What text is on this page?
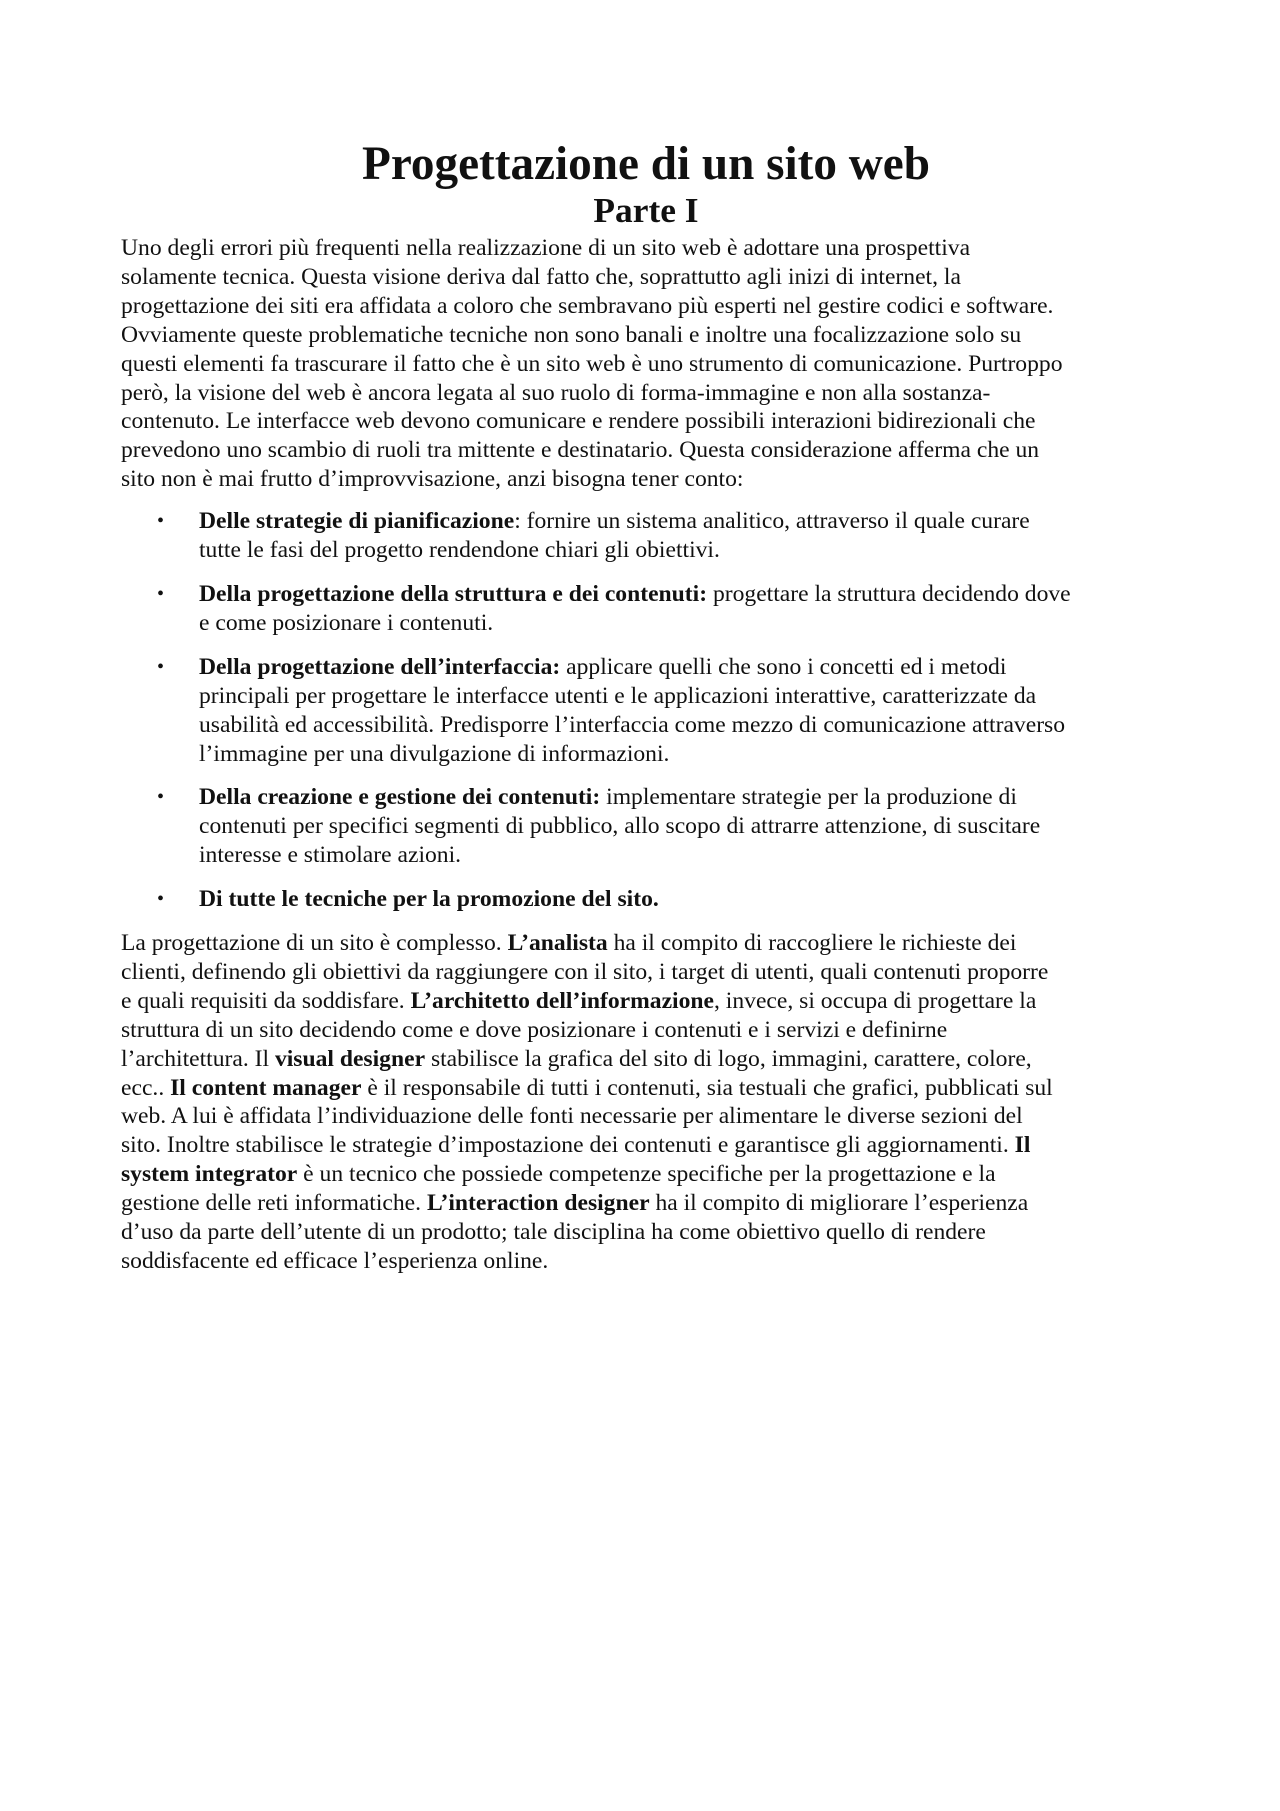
Progettazione di un sito web
Parte I

Uno degli errori più frequenti nella realizzazione di un sito web è adottare una prospettiva
solamente tecnica. Questa visione deriva dal fatto che, soprattutto agli inizi di internet, la
progettazione dei siti era affidata a coloro che sembravano più esperti nel gestire codici e software.
Ovviamente queste problematiche tecniche non sono banali e inoltre una focalizzazione solo su
questi elementi fa trascurare il fatto che è un sito web è uno strumento di comunicazione. Purtroppo
però, la visione del web è ancora legata al suo ruolo di forma-immagine e non alla sostanza-
contenuto. Le interfacce web devono comunicare e rendere possibili interazioni bidirezionali che
prevedono uno scambio di ruoli tra mittente e destinatario. Questa considerazione afferma che un
sito non è mai frutto d’improvvisazione, anzi bisogna tener conto:

• Delle strategie di pianificazione: fornire un sistema analitico, attraverso il quale curare
tutte le fasi del progetto rendendone chiari gli obiettivi.
• Della progettazione della struttura e dei contenuti: progettare la struttura decidendo dove
e come posizionare i contenuti.
• Della progettazione dell’interfaccia: applicare quelli che sono i concetti ed i metodi
principali per progettare le interfacce utenti e le applicazioni interattive, caratterizzate da
usabilità ed accessibilità. Predisporre l’interfaccia come mezzo di comunicazione attraverso
l’immagine per una divulgazione di informazioni.
• Della creazione e gestione dei contenuti: implementare strategie per la produzione di
contenuti per specifici segmenti di pubblico, allo scopo di attrarre attenzione, di suscitare
interesse e stimolare azioni.
• Di tutte le tecniche per la promozione del sito.

La progettazione di un sito è complesso. L’analista ha il compito di raccogliere le richieste dei
clienti, definendo gli obiettivi da raggiungere con il sito, i target di utenti, quali contenuti proporre
e quali requisiti da soddisfare. L’architetto dell’informazione, invece, si occupa di progettare la
struttura di un sito decidendo come e dove posizionare i contenuti e i servizi e definirne
l’architettura. Il visual designer stabilisce la grafica del sito di logo, immagini, carattere, colore,
ecc.. Il content manager è il responsabile di tutti i contenuti, sia testuali che grafici, pubblicati sul
web. A lui è affidata l’individuazione delle fonti necessarie per alimentare le diverse sezioni del
sito. Inoltre stabilisce le strategie d’impostazione dei contenuti e garantisce gli aggiornamenti. Il
system integrator è un tecnico che possiede competenze specifiche per la progettazione e la
gestione delle reti informatiche. L’interaction designer ha il compito di migliorare l’esperienza
d’uso da parte dell’utente di un prodotto; tale disciplina ha come obiettivo quello di rendere
soddisfacente ed efficace l’esperienza online.
